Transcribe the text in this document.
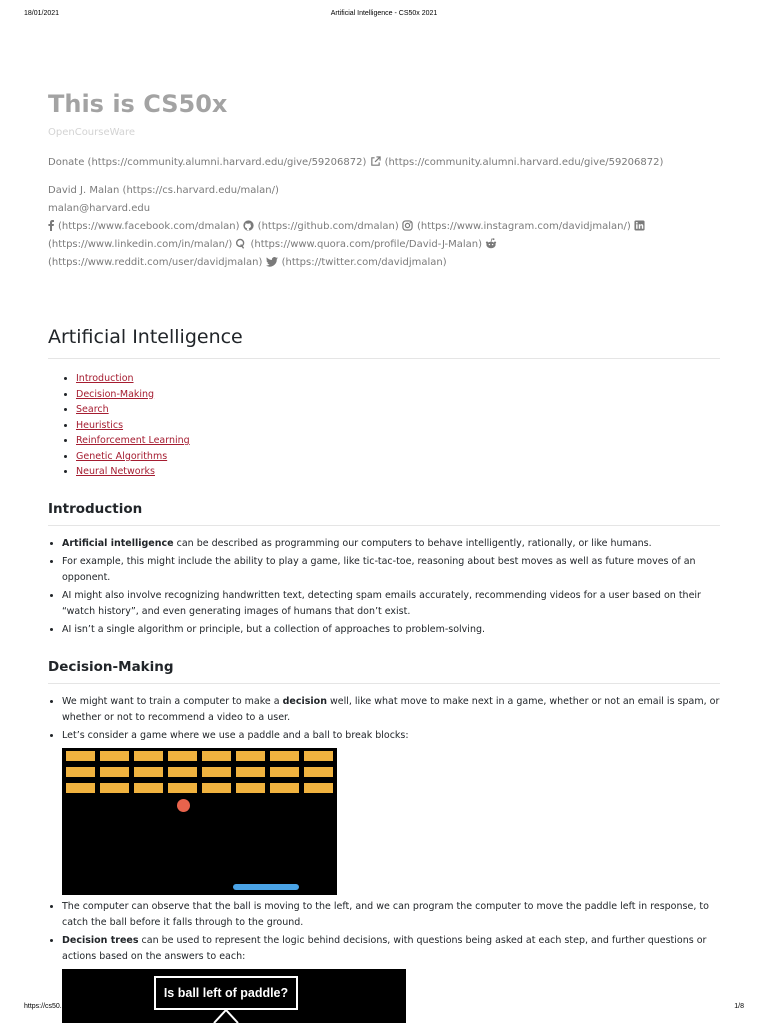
18/01/2021	Artificial Intelligence - CS50x 2021
This is CS50x
OpenCourseWare
Donate (https://community.alumni.harvard.edu/give/59206872) (https://community.alumni.harvard.edu/give/59206872)
David J. Malan (https://cs.harvard.edu/malan/)
malan@harvard.edu
(https://www.facebook.com/dmalan) (https://github.com/dmalan) (https://www.instagram.com/davidjmalan/)

(https://www.linkedin.com/in/malan/) (https://www.quora.com/profile/David-J-Malan)

(https://www.reddit.com/user/davidjmalan) (https://twitter.com/davidjmalan)
Artificial Intelligence
• Introduction
• Decision-Making
• Search
• Heuristics
• Reinforcement Learning
• Genetic Algorithms
• Neural Networks
Introduction
• Artificial intelligence can be described as programming our computers to behave intelligently, rationally, or like humans.
• For example, this might include the ability to play a game, like tic-tac-toe, reasoning about best moves as well as future moves of an opponent.
• AI might also involve recognizing handwritten text, detecting spam emails accurately, recommending videos for a user based on their “watch history”, and even generating images of humans that don’t exist.
• AI isn’t a single algorithm or principle, but a collection of approaches to problem-solving.
Decision-Making
• We might want to train a computer to make a decision well, like what move to make next in a game, whether or not an email is spam, or whether or not to recommend a video to a user.
• Let’s consider a game where we use a paddle and a ball to break blocks:
• The computer can observe that the ball is moving to the left, and we can program the computer to move the paddle left in response, to catch the ball before it falls through to the ground.
• Decision trees can be used to represent the logic behind decisions, with questions being asked at each step, and further questions or actions based on the answers to each:
Is ball left of paddle?
https://cs50.harvard.edu/x/2021/notes/ai/	1/8
